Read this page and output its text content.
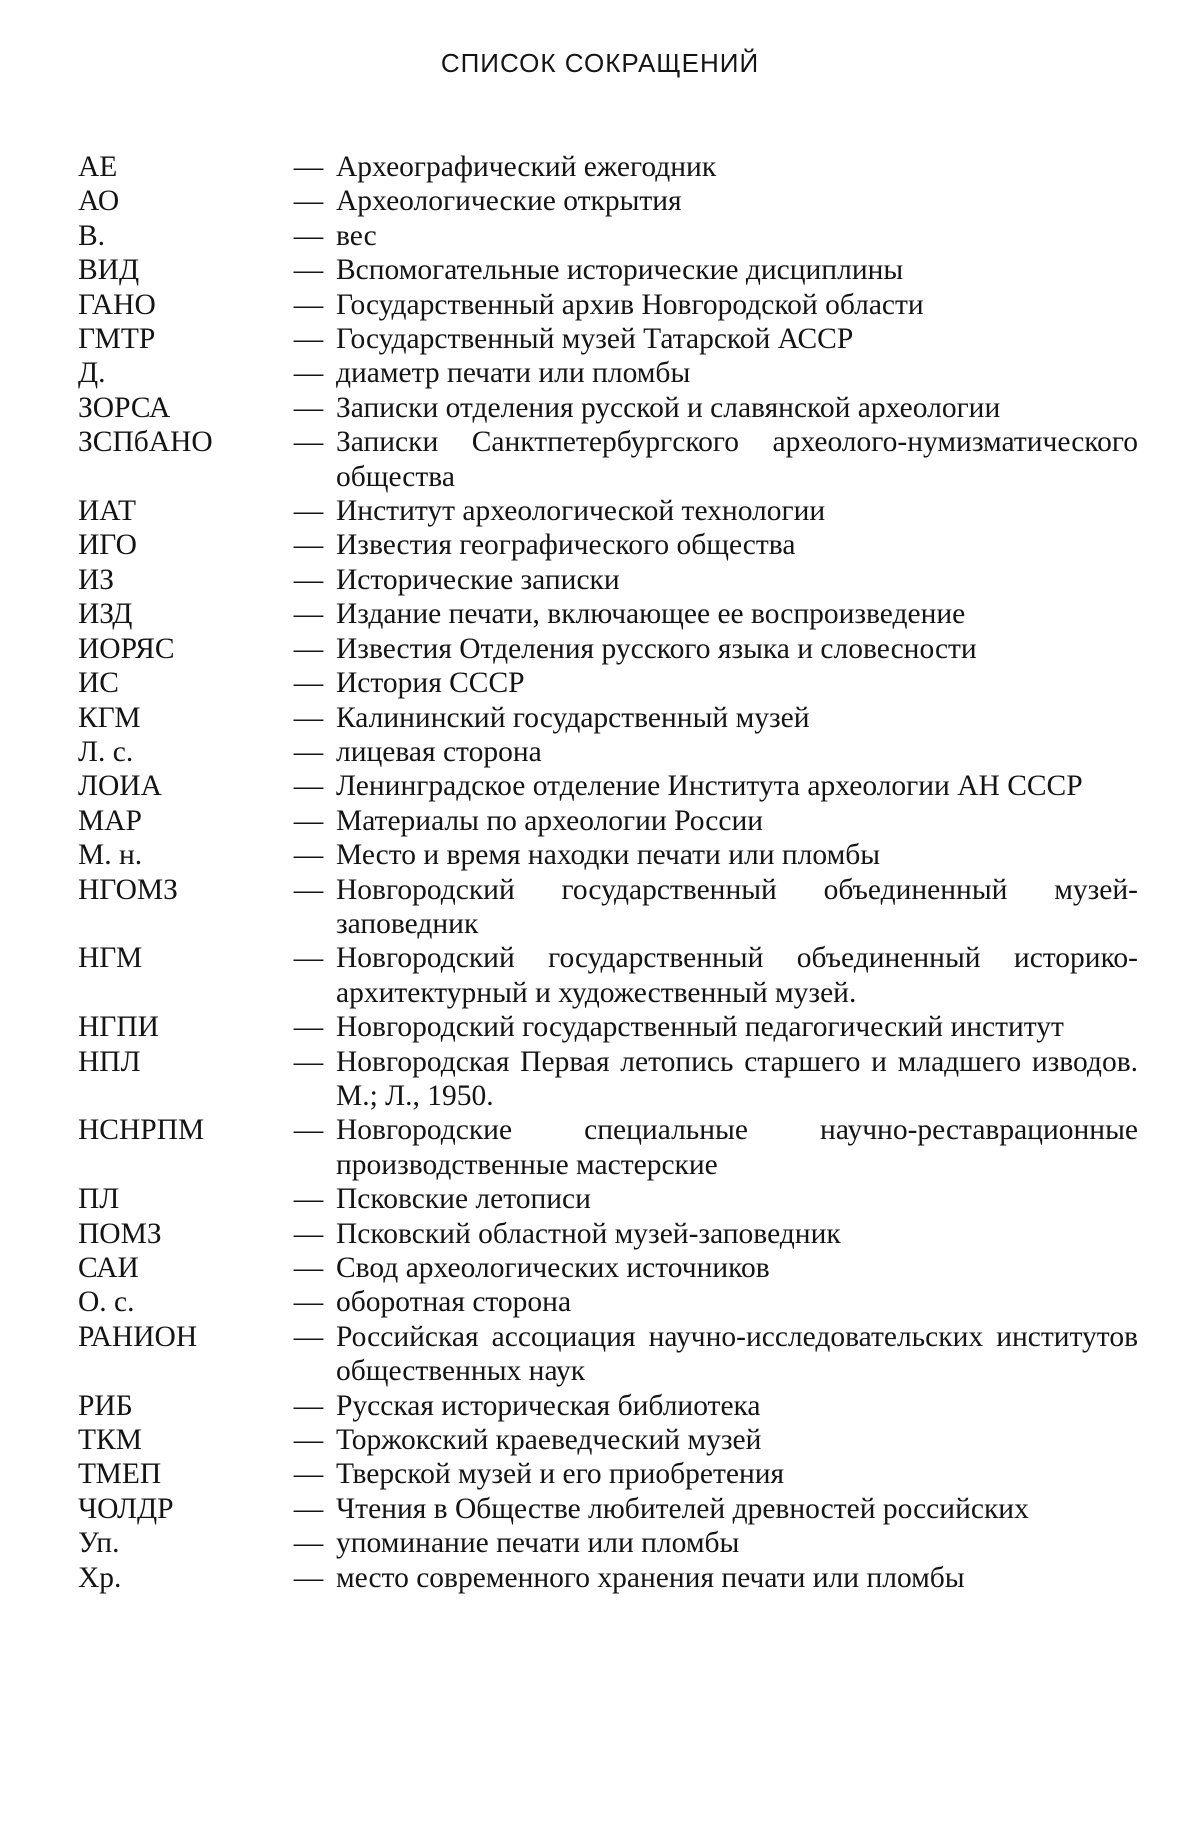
СПИСОК СОКРАЩЕНИЙ
АЕ	— Археографический ежегодник
АО	— Археологические открытия
В.	— вес
ВИД	— Вспомогательные исторические дисциплины
ГАНО	— Государственный архив Новгородской области
ГМТР	— Государственный музей Татарской АССР
Д.	— диаметр печати или пломбы
ЗОРСА	— Записки отделения русской и славянской археологии
ЗСПбАНО	— Записки Санктпетербургского археолого-нумизматического общества
ИАТ	— Институт археологической технологии
ИГО	— Известия географического общества
ИЗ	— Исторические записки
ИЗД	— Издание печати, включающее ее воспроизведение
ИОРЯС	— Известия Отделения русского языка и словесности
ИС	— История СССР
КГМ	— Калининский государственный музей
Л. с.	— лицевая сторона
ЛОИА	— Ленинградское отделение Института археологии АН СССР
МАР	— Материалы по археологии России
М. н.	— Место и время находки печати или пломбы
НГОМЗ	— Новгородский государственный объединенный музей-заповедник
НГМ	— Новгородский государственный объединенный историко-архитектурный и художественный музей.
НГПИ	— Новгородский государственный педагогический институт
НПЛ	— Новгородская Первая летопись старшего и младшего изводов. М.; Л., 1950.
НСНРПМ	— Новгородские специальные научно-реставрационные производственные мастерские
ПЛ	— Псковские летописи
ПОМЗ	— Псковский областной музей-заповедник
САИ	— Свод археологических источников
О. с.	— оборотная сторона
РАНИОН	— Российская ассоциация научно-исследовательских институтов общественных наук
РИБ	— Русская историческая библиотека
ТКМ	— Торжокский краеведческий музей
ТМЕП	— Тверской музей и его приобретения
ЧОЛДР	— Чтения в Обществе любителей древностей российских
Уп.	— упоминание печати или пломбы
Хр.	— место современного хранения печати или пломбы
